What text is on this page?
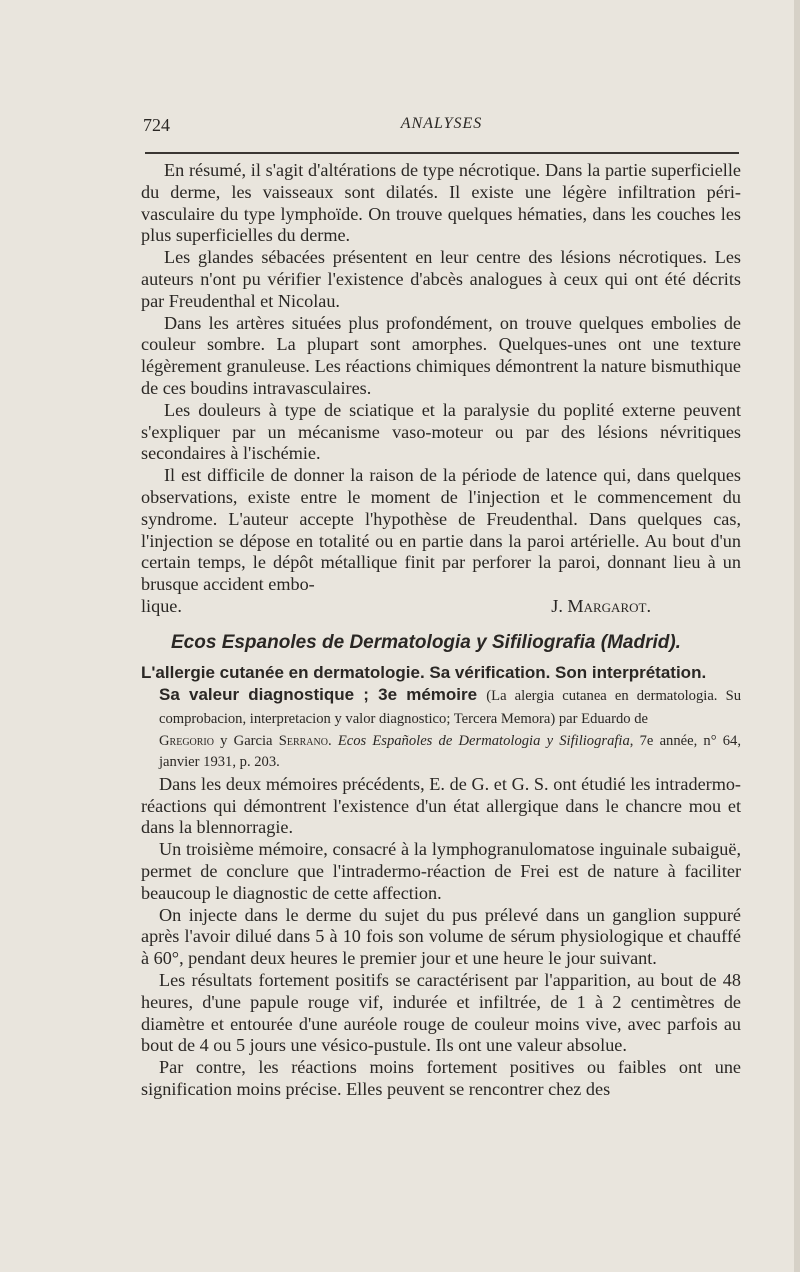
724	ANALYSES

En résumé, il s'agit d'altérations de type nécrotique. Dans la partie superficielle du derme, les vaisseaux sont dilatés. Il existe une légère infiltration péri-vasculaire du type lymphoïde. On trouve quelques hématies, dans les couches les plus superficielles du derme.

Les glandes sébacées présentent en leur centre des lésions nécrotiques. Les auteurs n'ont pu vérifier l'existence d'abcès analogues à ceux qui ont été décrits par Freudenthal et Nicolau.

Dans les artères situées plus profondément, on trouve quelques embolies de couleur sombre. La plupart sont amorphes. Quelques-unes ont une texture légèrement granuleuse. Les réactions chimiques démontrent la nature bismuthique de ces boudins intravasculaires.

Les douleurs à type de sciatique et la paralysie du poplité externe peuvent s'expliquer par un mécanisme vaso-moteur ou par des lésions névritiques secondaires à l'ischémie.

Il est difficile de donner la raison de la période de latence qui, dans quelques observations, existe entre le moment de l'injection et le commencement du syndrome. L'auteur accepte l'hypothèse de Freudenthal. Dans quelques cas, l'injection se dépose en totalité ou en partie dans la paroi artérielle. Au bout d'un certain temps, le dépôt métallique finit par perforer la paroi, donnant lieu à un brusque accident embo-

lique.	J. Margarot.
Ecos Espanoles de Dermatologia y Sifiliografia (Madrid).
L'allergie cutanée en dermatologie. Sa vérification. Son interprétation.
Sa valeur diagnostique ; 3e mémoire (La alergia cutanea en dermatologia. Su comprobacion, interpretacion y valor diagnostico; Tercera Memora) par Eduardo de
Gregorio y Garcia Serrano. Ecos Españoles de Dermatologia y Sifiliografia, 7e année, n° 64, janvier 1931, p. 203.

Dans les deux mémoires précédents, E. de G. et G. S. ont étudié les intradermo-réactions qui démontrent l'existence d'un état allergique dans le chancre mou et dans la blennorragie.

Un troisième mémoire, consacré à la lymphogranulomatose inguinale subaiguë, permet de conclure que l'intradermo-réaction de Frei est de nature à faciliter beaucoup le diagnostic de cette affection.

On injecte dans le derme du sujet du pus prélevé dans un ganglion suppuré après l'avoir dilué dans 5 à 10 fois son volume de sérum physiologique et chauffé à 60°, pendant deux heures le premier jour et une heure le jour suivant.

Les résultats fortement positifs se caractérisent par l'apparition, au bout de 48 heures, d'une papule rouge vif, indurée et infiltrée, de 1 à 2 centimètres de diamètre et entourée d'une auréole rouge de couleur moins vive, avec parfois au bout de 4 ou 5 jours une vésico-pustule. Ils ont une valeur absolue.

Par contre, les réactions moins fortement positives ou faibles ont une signification moins précise. Elles peuvent se rencontrer chez des
